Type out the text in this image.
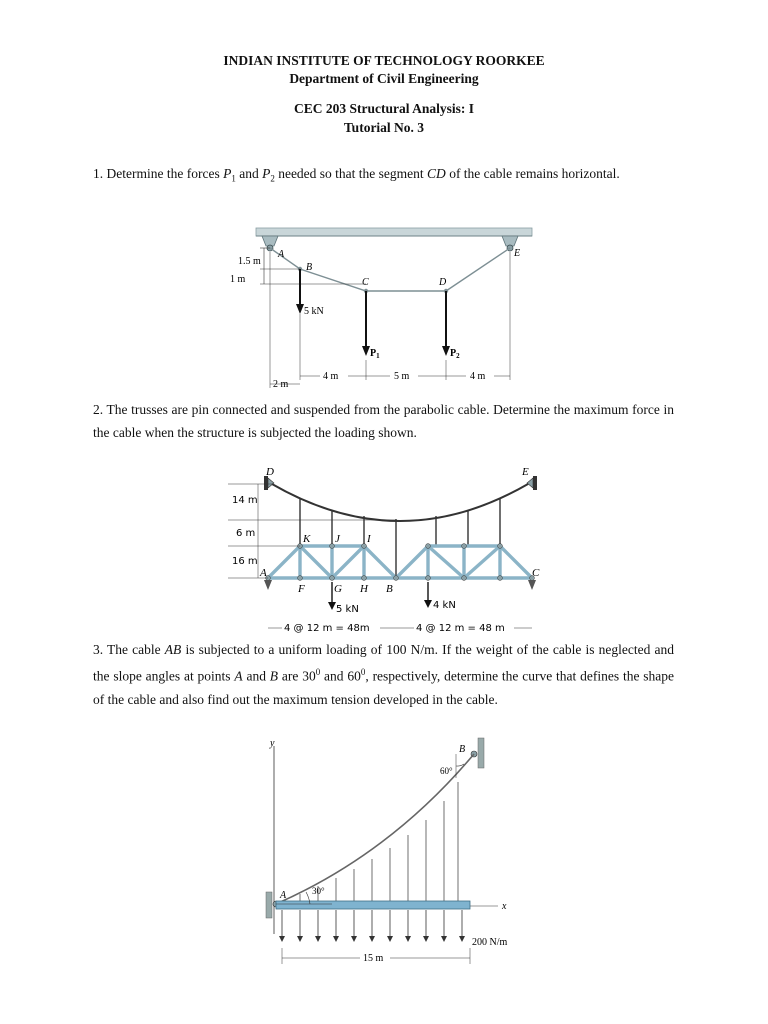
INDIAN INSTITUTE OF TECHNOLOGY ROORKEE
Department of Civil Engineering
CEC 203 Structural Analysis: I
Tutorial No. 3
1. Determine the forces $P_1$ and $P_2$ needed so that the segment CD of the cable remains horizontal.
A
B
C	D
E
1.5 m
1 m
5 kN
$P_1$	$P_2$
4 m	5 m	4 m
2 m
2. The trusses are pin connected and suspended from the parabolic cable. Determine the maximum force in the cable when the structure is subjected the loading shown.
D	E
K J I
A
F	G H B
C
14 m
6 m
16 m
5 kN	4 kN
4 @ 12 m = 48m	4 @ 12 m = 48 m
3. The cable AB is subjected to a uniform loading of 100 N/m. If the weight of the cable is neglected and the slope angles at points A and B are $30^0$ and $60^0$, respectively, determine the curve that defines the shape of the cable and also find out the maximum tension developed in the cable.
y
x
A
B
30°
60°
200 N/m
15 m
